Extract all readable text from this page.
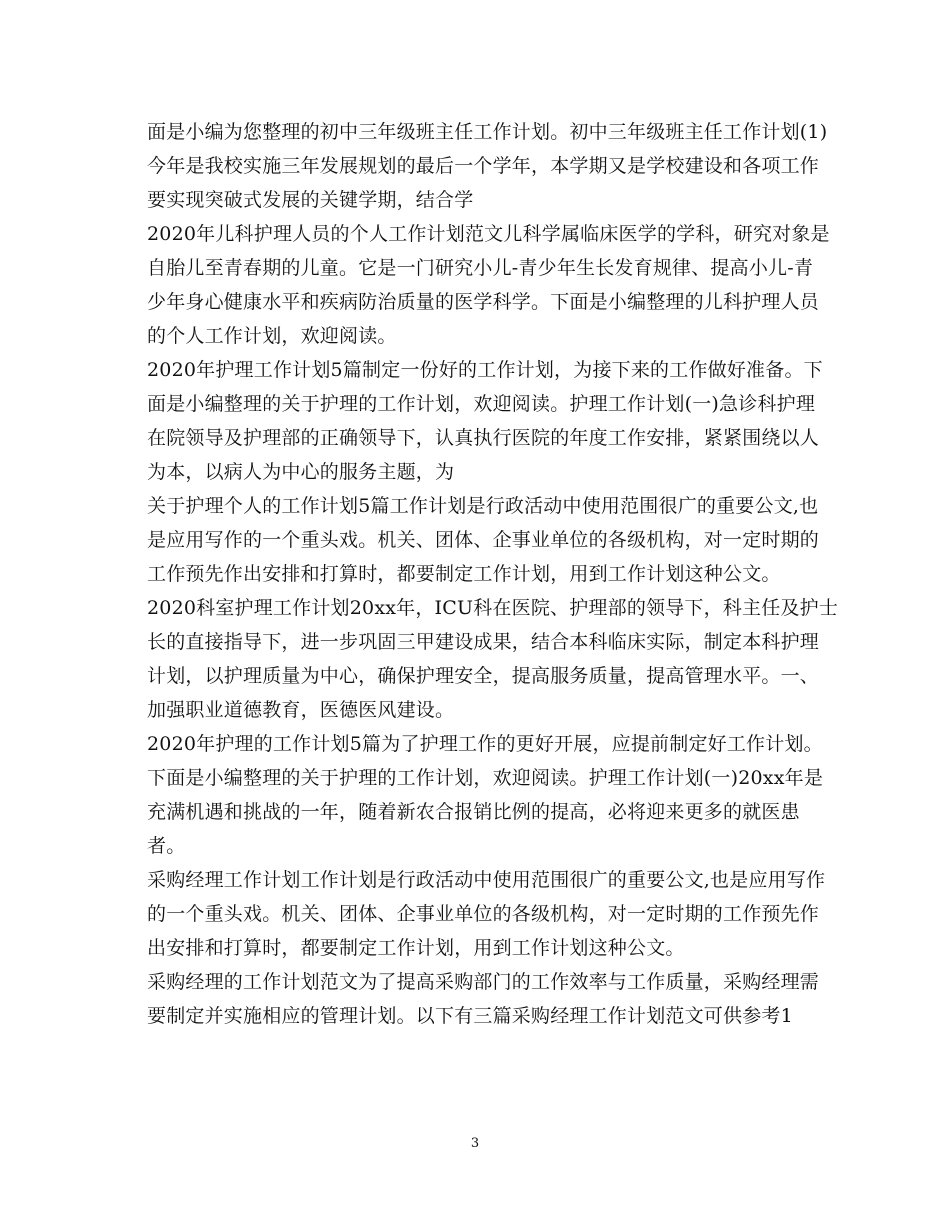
面是小编为您整理的初中三年级班主任工作计划。初中三年级班主任工作计划(1)
今年是我校实施三年发展规划的最后一个学年，本学期又是学校建设和各项工作
要实现突破式发展的关键学期，结合学
2020年儿科护理人员的个人工作计划范文儿科学属临床医学的学科，研究对象是
自胎儿至青春期的儿童。它是一门研究小儿-青少年生长发育规律、提高小儿-青
少年身心健康水平和疾病防治质量的医学科学。下面是小编整理的儿科护理人员
的个人工作计划，欢迎阅读。
2020年护理工作计划5篇制定一份好的工作计划，为接下来的工作做好准备。下
面是小编整理的关于护理的工作计划，欢迎阅读。护理工作计划(一)急诊科护理
在院领导及护理部的正确领导下，认真执行医院的年度工作安排，紧紧围绕以人
为本，以病人为中心的服务主题，为
关于护理个人的工作计划5篇工作计划是行政活动中使用范围很广的重要公文,也
是应用写作的一个重头戏。机关、团体、企事业单位的各级机构，对一定时期的
工作预先作出安排和打算时，都要制定工作计划，用到工作计划这种公文。
2020科室护理工作计划20xx年，ICU科在医院、护理部的领导下，科主任及护士
长的直接指导下，进一步巩固三甲建设成果，结合本科临床实际，制定本科护理
计划，以护理质量为中心，确保护理安全，提高服务质量，提高管理水平。一、
加强职业道德教育，医德医风建设。
2020年护理的工作计划5篇为了护理工作的更好开展，应提前制定好工作计划。
下面是小编整理的关于护理的工作计划，欢迎阅读。护理工作计划(一)20xx年是
充满机遇和挑战的一年，随着新农合报销比例的提高，必将迎来更多的就医患
者。
采购经理工作计划工作计划是行政活动中使用范围很广的重要公文,也是应用写作
的一个重头戏。机关、团体、企事业单位的各级机构，对一定时期的工作预先作
出安排和打算时，都要制定工作计划，用到工作计划这种公文。
采购经理的工作计划范文为了提高采购部门的工作效率与工作质量，采购经理需
要制定并实施相应的管理计划。以下有三篇采购经理工作计划范文可供参考1
3
